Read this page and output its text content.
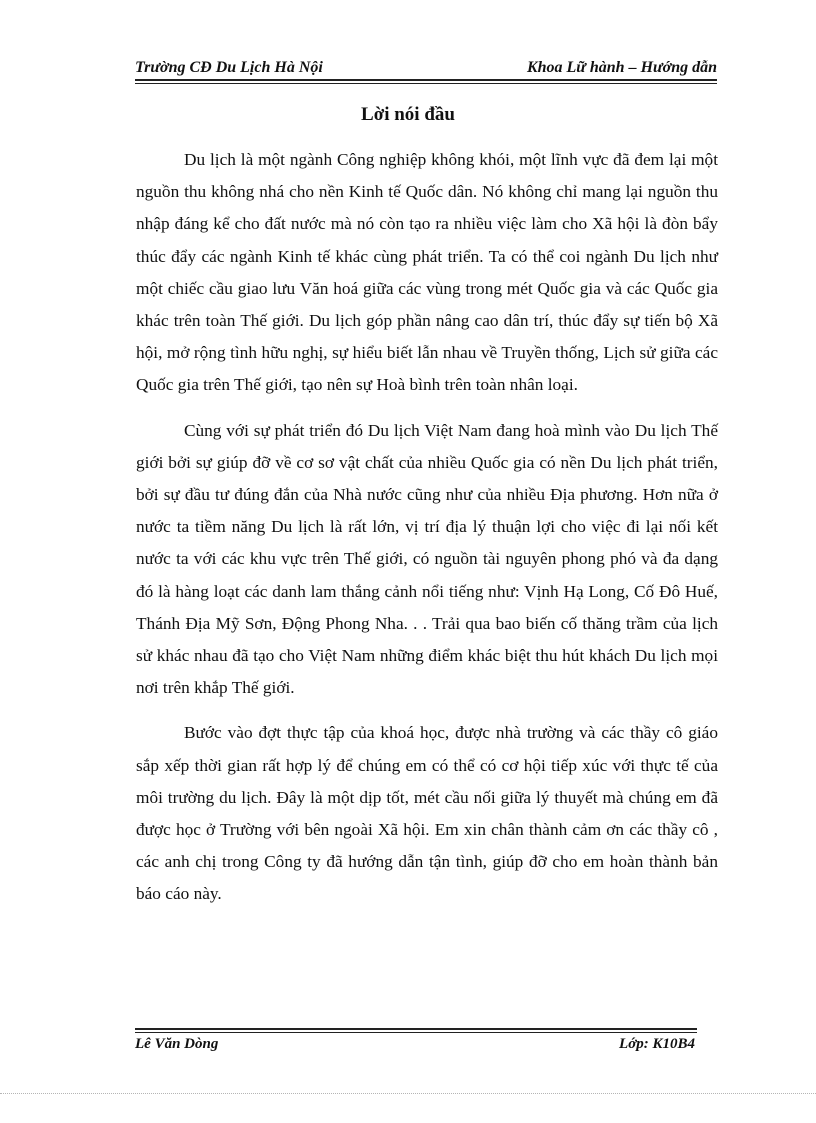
Trường CĐ Du Lịch Hà Nội	Khoa Lữ hành – Hướng dẫn
Lời nói đầu

Du lịch là một ngành Công nghiệp không khói, một lĩnh vực đã đem lại một nguồn thu không nhá cho nền Kinh tế Quốc dân. Nó không chỉ mang lại nguồn thu nhập đáng kể cho đất nước mà nó còn tạo ra nhiều việc làm cho Xã hội là đòn bẩy thúc đẩy các ngành Kinh tế khác cùng phát triển. Ta có thể coi ngành Du lịch như một chiếc cầu giao lưu Văn hoá giữa các vùng trong mét Quốc gia và các Quốc gia khác trên toàn Thế giới. Du lịch góp phần nâng cao dân trí, thúc đẩy sự tiến bộ Xã hội, mở rộng tình hữu nghị, sự hiểu biết lẫn nhau về Truyền thống, Lịch sử giữa các Quốc gia trên Thế giới, tạo nên sự Hoà bình trên toàn nhân loại.

Cùng với sự phát triển đó Du lịch Việt Nam đang hoà mình vào Du lịch Thế giới bởi sự giúp đỡ về cơ sơ vật chất của nhiều Quốc gia có nền Du lịch phát triển, bởi sự đầu tư đúng đắn của Nhà nước cũng như của nhiều Địa phương. Hơn nữa ở nước ta tiềm năng Du lịch là rất lớn, vị trí địa lý thuận lợi cho việc đi lại nối kết nước ta với các khu vực trên Thế giới, có nguồn tài nguyên phong phó và đa dạng đó là hàng loạt các danh lam thắng cảnh nổi tiếng như: Vịnh Hạ Long, Cố Đô Huế, Thánh Địa Mỹ Sơn, Động Phong Nha. . . Trải qua bao biến cố thăng trầm của lịch sử khác nhau đã tạo cho Việt Nam những điểm khác biệt thu hút khách Du lịch mọi nơi trên khắp Thế giới.

Bước vào đợt thực tập của khoá học, được nhà trường và các thầy cô giáo sắp xếp thời gian rất hợp lý để chúng em có thể có cơ hội tiếp xúc với thực tế của môi trường du lịch. Đây là một dịp tốt, mét cầu nối giữa lý thuyết mà chúng em đã được học ở Trường với bên ngoài Xã hội. Em xin chân thành cảm ơn các thầy cô , các anh chị trong Công ty đã hướng dẫn tận tình, giúp đỡ cho em hoàn thành bản báo cáo này.

Lê Văn Dòng	Lớp: K10B4
